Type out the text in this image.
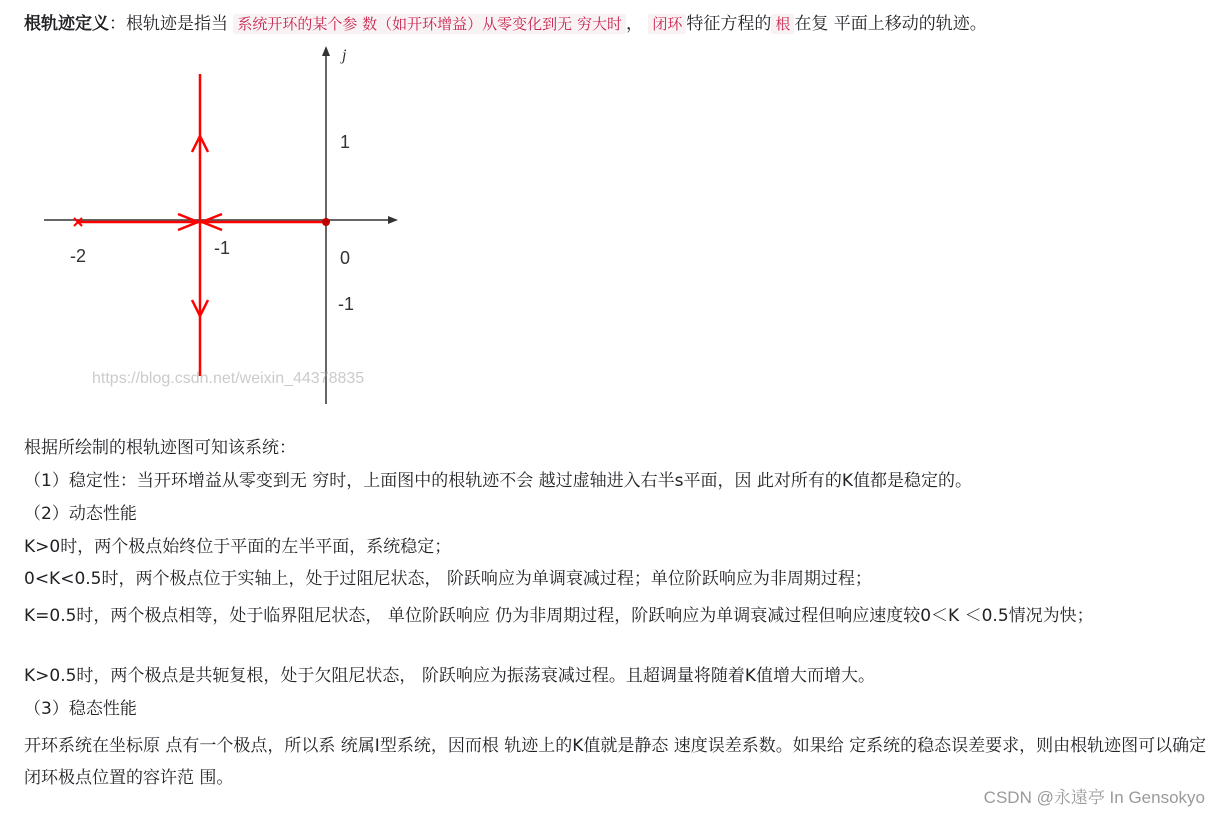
根轨迹定义：根轨迹是指当 系统开环的某个参 数（如开环增益）从零变化到无 穷大时 ， 闭环 特征方程的 根 在复 平面上移动的轨迹。
j
1
0
-1
-1
-2
https://blog.csdn.net/weixin_44378835
根据所绘制的根轨迹图可知该系统：
（1）稳定性：当开环增益从零变到无 穷时，上面图中的根轨迹不会 越过虚轴进入右半s平面，因 此对所有的K值都是稳定的。
（2）动态性能
K>0时，两个极点始终位于平面的左半平面，系统稳定；
0<K<0.5时，两个极点位于实轴上，处于过阻尼状态， 阶跃响应为单调衰减过程；单位阶跃响应为非周期过程；
K=0.5时，两个极点相等，处于临界阻尼状态， 单位阶跃响应 仍为非周期过程，阶跃响应为单调衰减过程但响应速度较0＜K ＜0.5情况为快；
K>0.5时，两个极点是共轭复根，处于欠阻尼状态， 阶跃响应为振荡衰减过程。且超调量将随着K值增大而增大。
（3）稳态性能
开环系统在坐标原 点有一个极点，所以系 统属I型系统，因而根 轨迹上的K值就是静态 速度误差系数。如果给 定系统的稳态误差要求，则由根轨迹图可以确定 闭环极点位置的容许范 围。
CSDN @永遠亭 In Gensokyo
